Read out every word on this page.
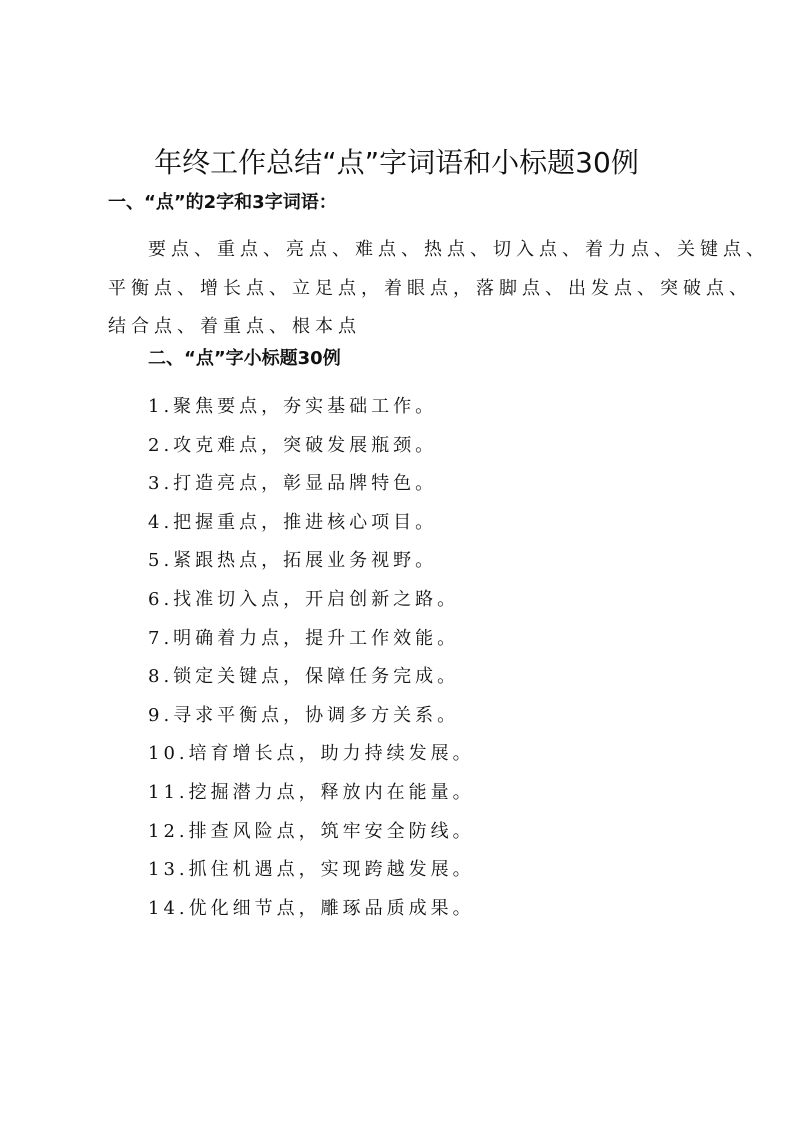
年终工作总结“点”字词语和小标题30例
一、“点”的2字和3字词语：
要点、重点、亮点、难点、热点、切入点、着力点、关键点、
平衡点、增长点、立足点，着眼点，落脚点、出发点、突破点、
结合点、着重点、根本点
二、“点”字小标题30例
1.聚焦要点，夯实基础工作。
2.攻克难点，突破发展瓶颈。
3.打造亮点，彰显品牌特色。
4.把握重点，推进核心项目。
5.紧跟热点，拓展业务视野。
6.找准切入点，开启创新之路。
7.明确着力点，提升工作效能。
8.锁定关键点，保障任务完成。
9.寻求平衡点，协调多方关系。
10.培育增长点，助力持续发展。
11.挖掘潜力点，释放内在能量。
12.排查风险点，筑牢安全防线。
13.抓住机遇点，实现跨越发展。
14.优化细节点，雕琢品质成果。
